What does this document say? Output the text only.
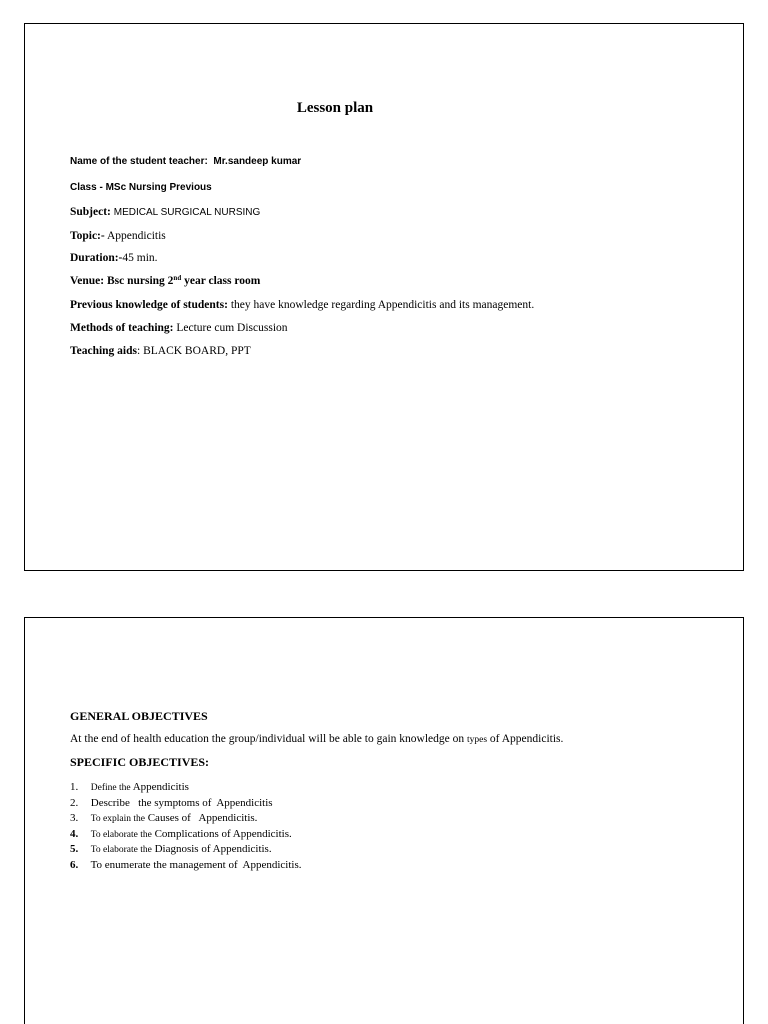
Lesson plan
Name of the student teacher: Mr.sandeep kumar
Class - MSc Nursing Previous
Subject: MEDICAL SURGICAL NURSING
Topic:- Appendicitis
Duration:-45 min.
Venue: Bsc nursing 2nd year class room
Previous knowledge of students: they have knowledge regarding Appendicitis and its management.
Methods of teaching: Lecture cum Discussion
Teaching aids: BLACK BOARD, PPT
GENERAL OBJECTIVES
At the end of health education the group/individual will be able to gain knowledge on types of Appendicitis.
SPECIFIC OBJECTIVES:
1. Define the Appendicitis
2. Describe   the symptoms of  Appendicitis
3. To explain the Causes of   Appendicitis.
4. To elaborate the Complications of Appendicitis.
5. To elaborate the Diagnosis of Appendicitis.
6. To enumerate the management of  Appendicitis.
